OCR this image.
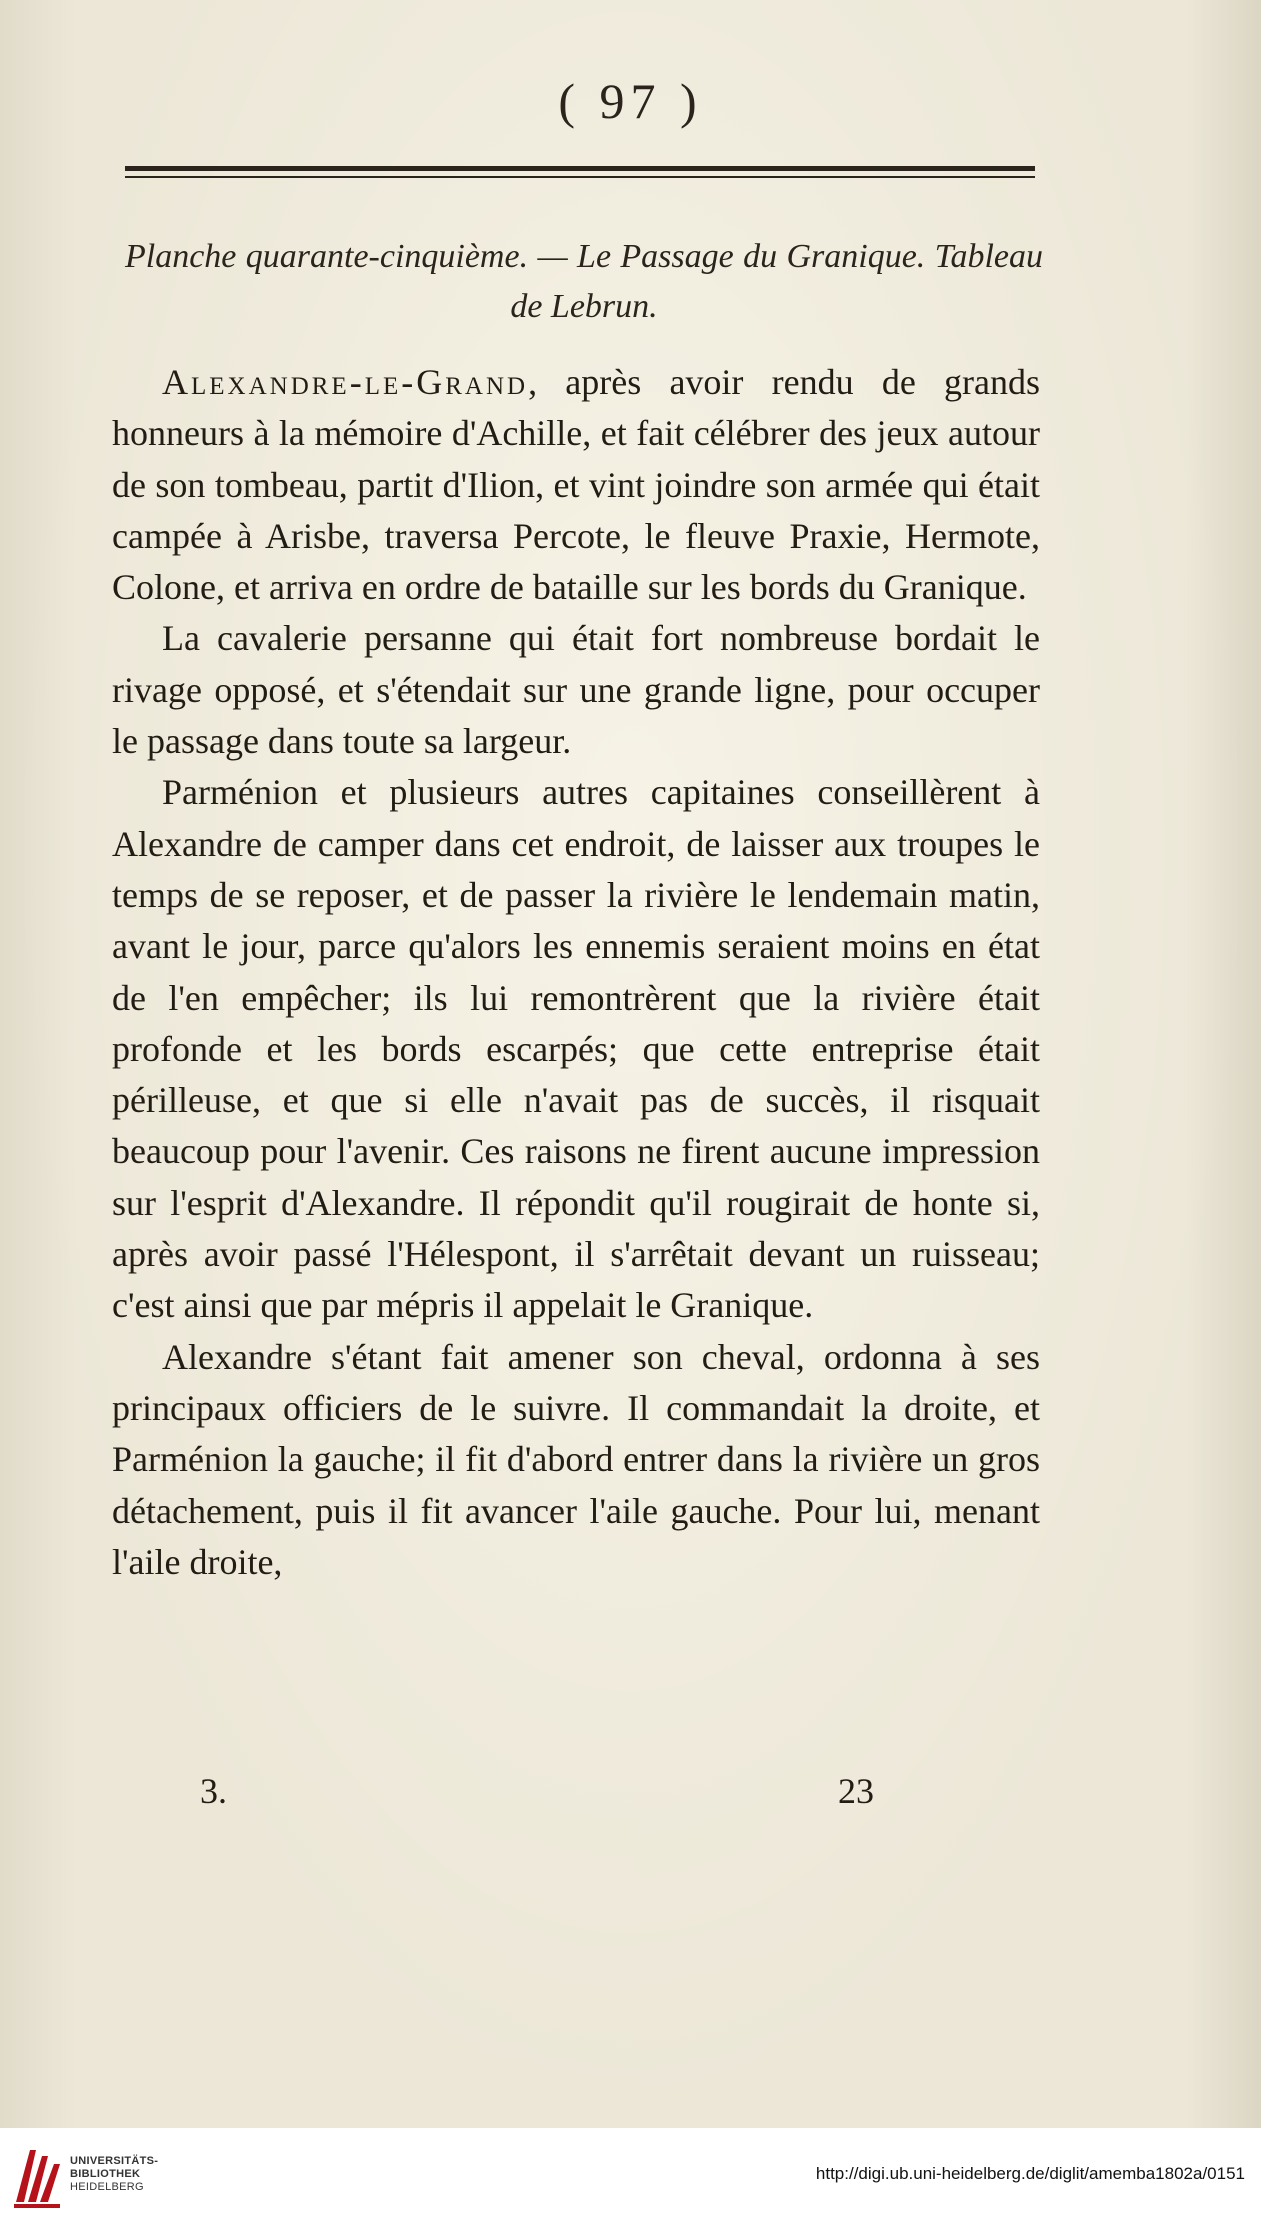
( 97 )
Planche quarante-cinquième. — Le Passage du Granique. Tableau de Lebrun.

Alexandre-le-Grand, après avoir rendu de grands honneurs à la mémoire d'Achille, et fait célébrer des jeux autour de son tombeau, partit d'Ilion, et vint joindre son armée qui était campée à Arisbe, traversa Percote, le fleuve Praxie, Hermote, Colone, et arriva en ordre de bataille sur les bords du Granique.

La cavalerie persanne qui était fort nombreuse bordait le rivage opposé, et s'étendait sur une grande ligne, pour occuper le passage dans toute sa largeur.

Parménion et plusieurs autres capitaines conseillèrent à Alexandre de camper dans cet endroit, de laisser aux troupes le temps de se reposer, et de passer la rivière le lendemain matin, avant le jour, parce qu'alors les ennemis seraient moins en état de l'en empêcher; ils lui remontrèrent que la rivière était profonde et les bords escarpés; que cette entreprise était périlleuse, et que si elle n'avait pas de succès, il risquait beaucoup pour l'avenir. Ces raisons ne firent aucune impression sur l'esprit d'Alexandre. Il répondit qu'il rougirait de honte si, après avoir passé l'Hélespont, il s'arrêtait devant un ruisseau; c'est ainsi que par mépris il appelait le Granique.

Alexandre s'étant fait amener son cheval, ordonna à ses principaux officiers de le suivre. Il commandait la droite, et Parménion la gauche; il fit d'abord entrer dans la rivière un gros détachement, puis il fit avancer l'aile gauche. Pour lui, menant l'aile droite,

3.	23
UNIVERSITÄTS-
BIBLIOTHEK
HEIDELBERG
http://digi.ub.uni-heidelberg.de/diglit/amemba1802a/0151
